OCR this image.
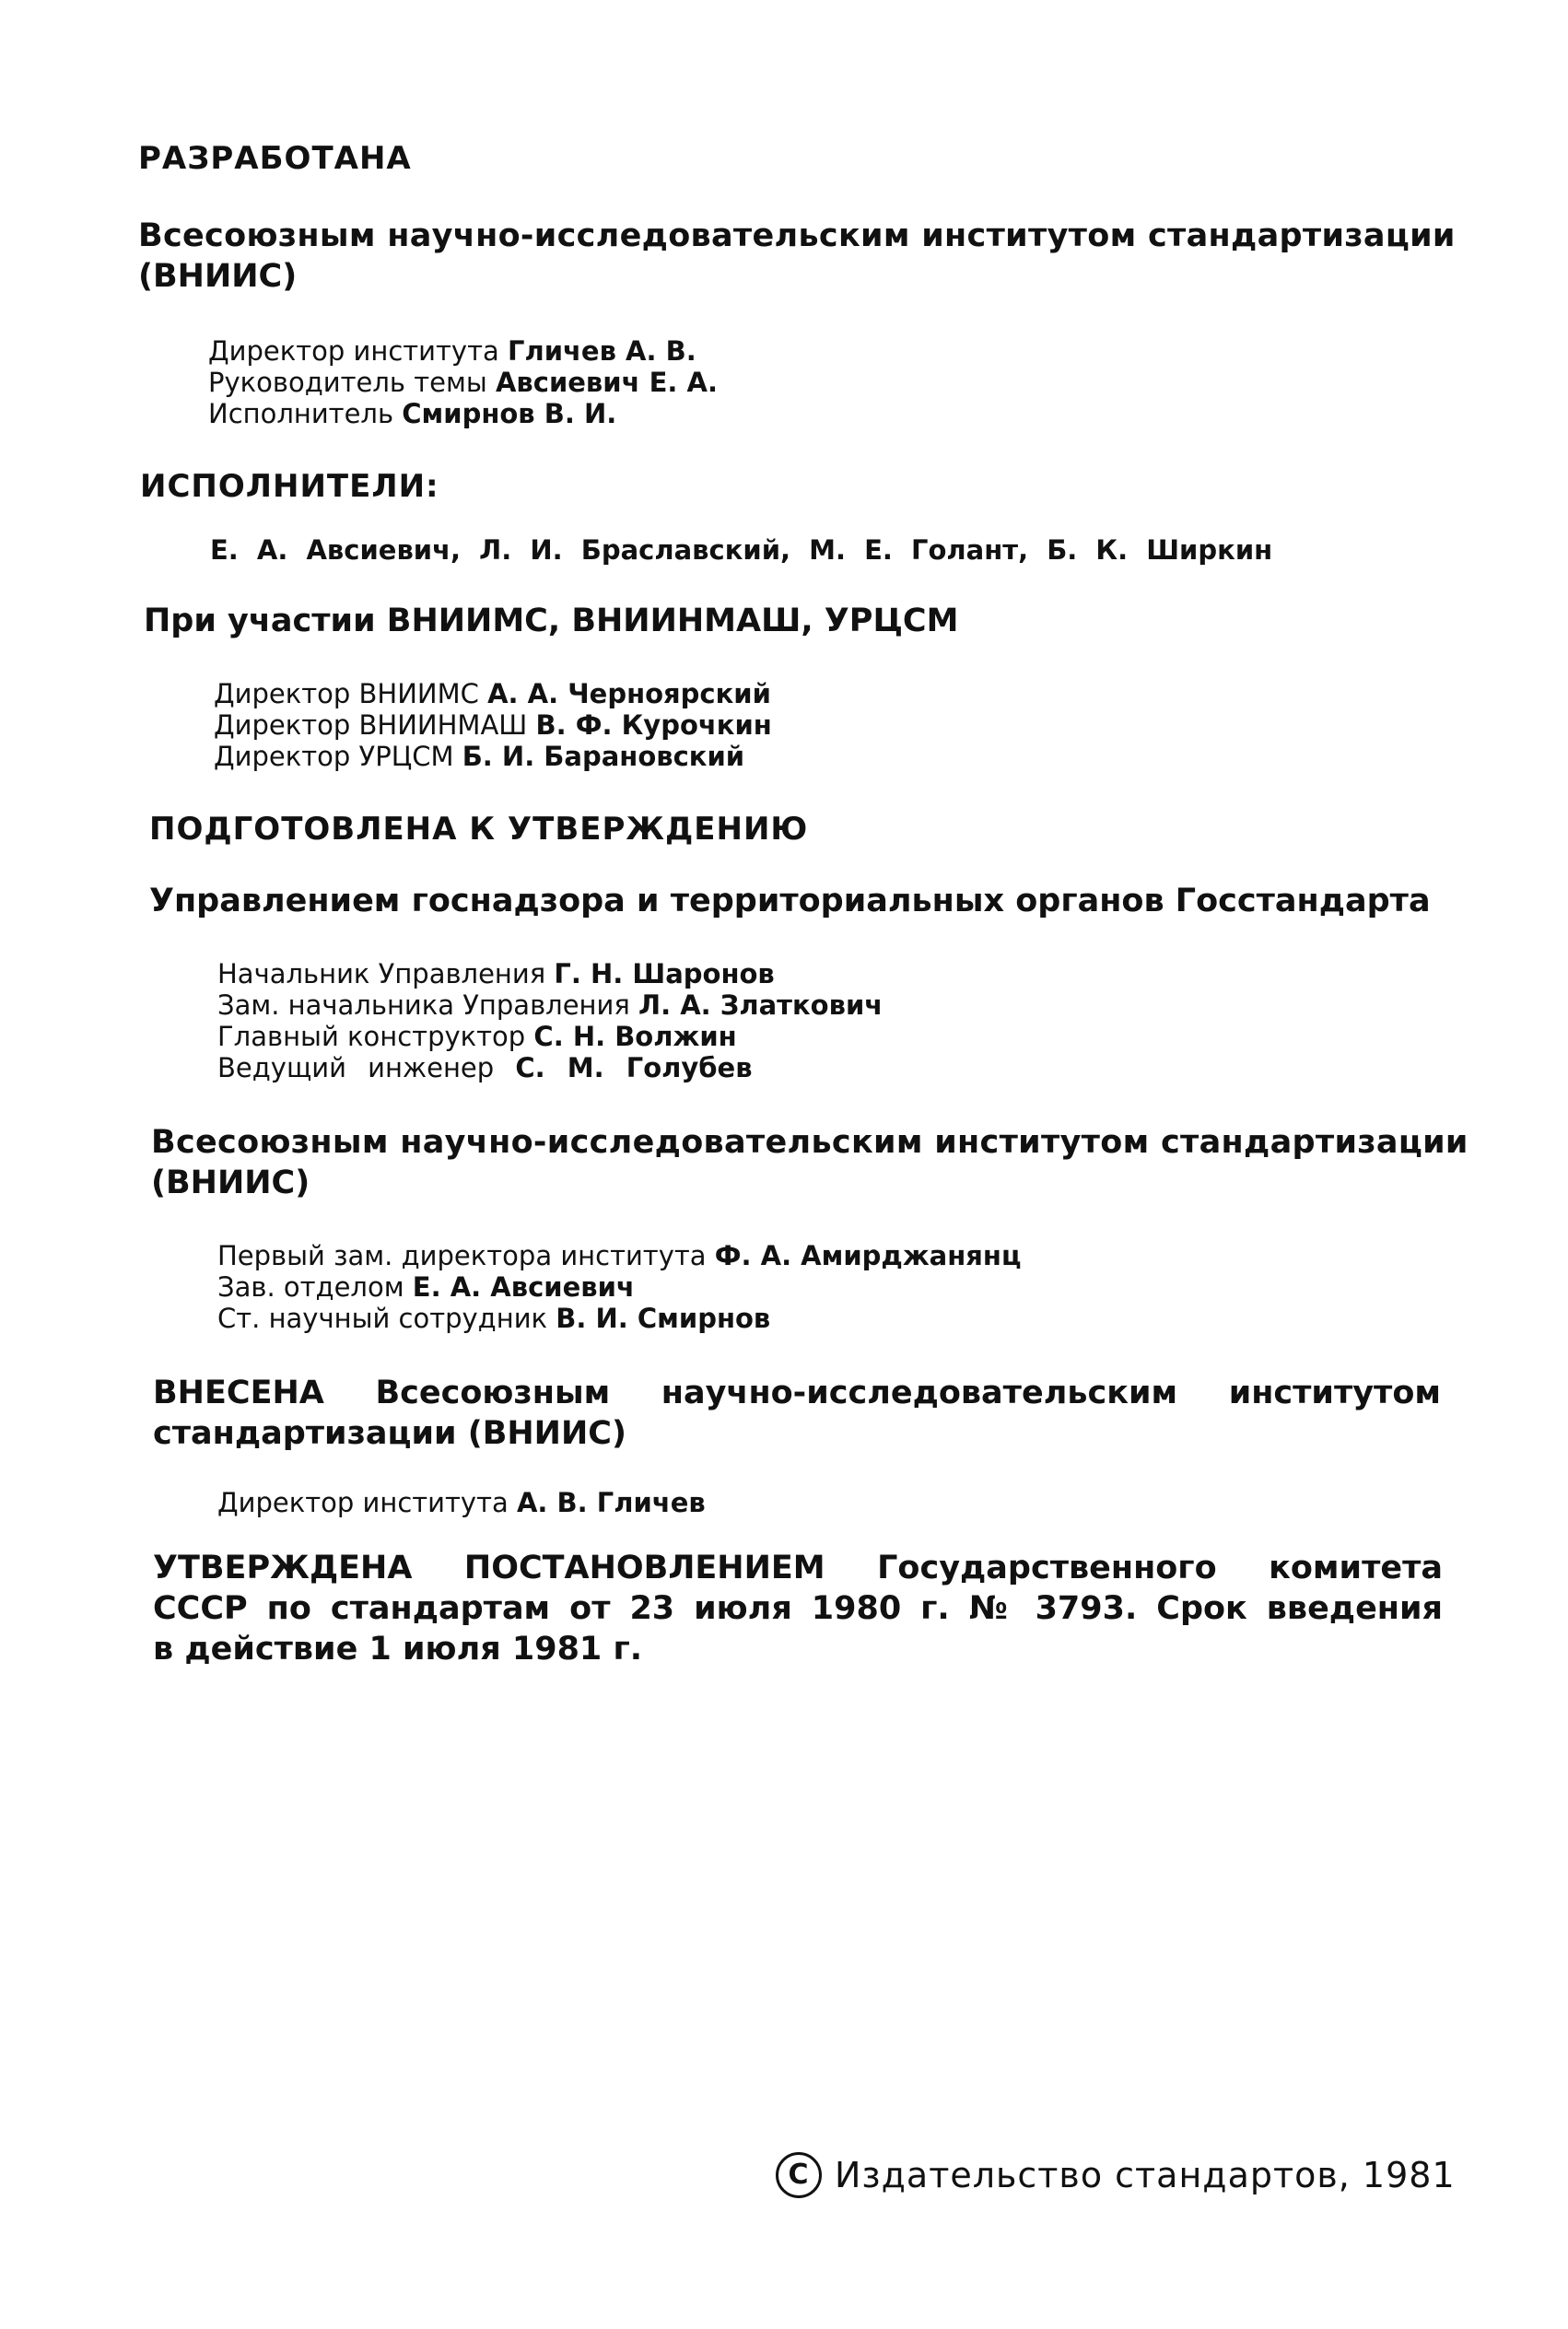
РАЗРАБОТАНА
Всесоюзным научно-исследовательским институтом стандартизации
(ВНИИС)
Директор института Гличев А. В.
Руководитель темы Авсиевич Е. А.
Исполнитель Смирнов В. И.
ИСПОЛНИТЕЛИ:
Е. А. Авсиевич, Л. И. Браславский, М. Е. Голант, Б. К. Ширкин
При участии ВНИИМС, ВНИИНМАШ, УРЦСМ
Директор ВНИИМС А. А. Черноярский
Директор ВНИИНМАШ В. Ф. Курочкин
Директор УРЦСМ Б. И. Барановский
ПОДГОТОВЛЕНА К УТВЕРЖДЕНИЮ
Управлением госнадзора и территориальных органов Госстандарта
Начальник Управления Г. Н. Шаронов
Зам. начальника Управления Л. А. Златкович
Главный конструктор С. Н. Волжин
Ведущий инженер С. М. Голубев
Всесоюзным научно-исследовательским институтом стандартизации
(ВНИИС)
Первый зам. директора института Ф. А. Амирджанянц
Зав. отделом Е. А. Авсиевич
Ст. научный сотрудник В. И. Смирнов
ВНЕСЕНА Всесоюзным научно-исследовательским институтом
стандартизации (ВНИИС)
Директор института А. В. Гличев
УТВЕРЖДЕНА ПОСТАНОВЛЕНИЕМ Государственного комитета
СССР по стандартам от 23 июля 1980 г. № 3793. Срок введения
в действие 1 июля 1981 г.
C Издательство стандартов, 1981
